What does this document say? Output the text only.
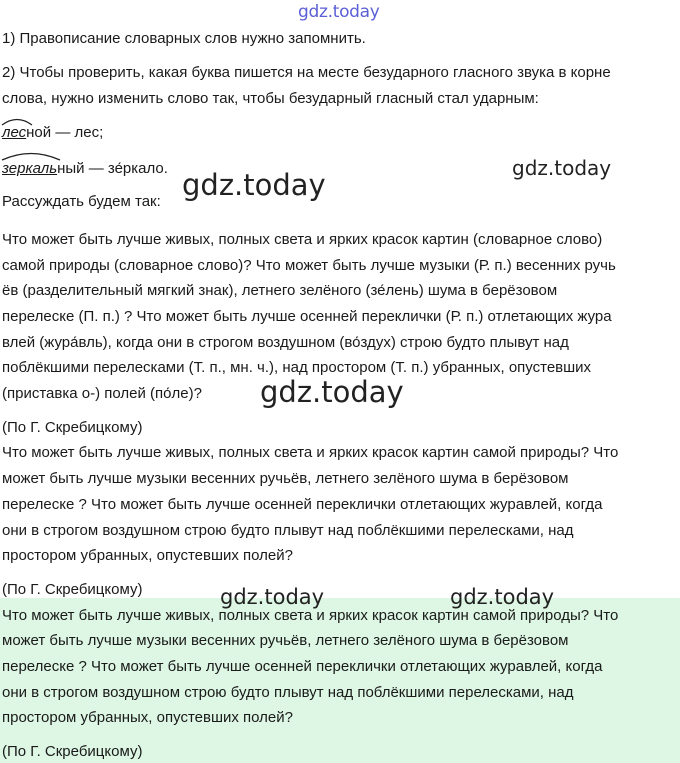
gdz.today
1) Правописание словарных слов нужно запомнить.
2) Чтобы проверить, какая буква пишется на месте безударного гласного звука в корне
слова, нужно изменить слово так, чтобы безударный гласный стал ударным:
лесной — лес;
зеркальный — зе́ркало.
Рассуждать будем так:
Что может быть лучше живых, полных света и ярких красок картин (словарное слово)
самой природы (словарное слово)? Что может быть лучше музыки (Р. п.) весенних ручь
ёв (разделительный мягкий знак), летнего зелёного (зе́лень) шума в берёзовом
перелеске (П. п.) ? Что может быть лучше осенней переклички (Р. п.) отлетающих жура
влей (жура́вль), когда они в строгом воздушном (во́здух) строю будто плывут над
поблёкшими перелесками (Т. п., мн. ч.), над простором (Т. п.) убранных, опустевших
(приставка о-) полей (по́ле)?
(По Г. Скребицкому)
Что может быть лучше живых, полных света и ярких красок картин самой природы? Что
может быть лучше музыки весенних ручьёв, летнего зелёного шума в берёзовом
перелеске ? Что может быть лучше осенней переклички отлетающих журавлей, когда
они в строгом воздушном строю будто плывут над поблёкшими перелесками, над
простором убранных, опустевших полей?
(По Г. Скребицкому)
Что может быть лучше живых, полных света и ярких красок картин самой природы? Что
может быть лучше музыки весенних ручьёв, летнего зелёного шума в берёзовом
перелеске ? Что может быть лучше осенней переклички отлетающих журавлей, когда
они в строгом воздушном строю будто плывут над поблёкшими перелесками, над
простором убранных, опустевших полей?
(По Г. Скребицкому)
gdz.today
gdz.today
gdz.today
gdz.today	gdz.today
